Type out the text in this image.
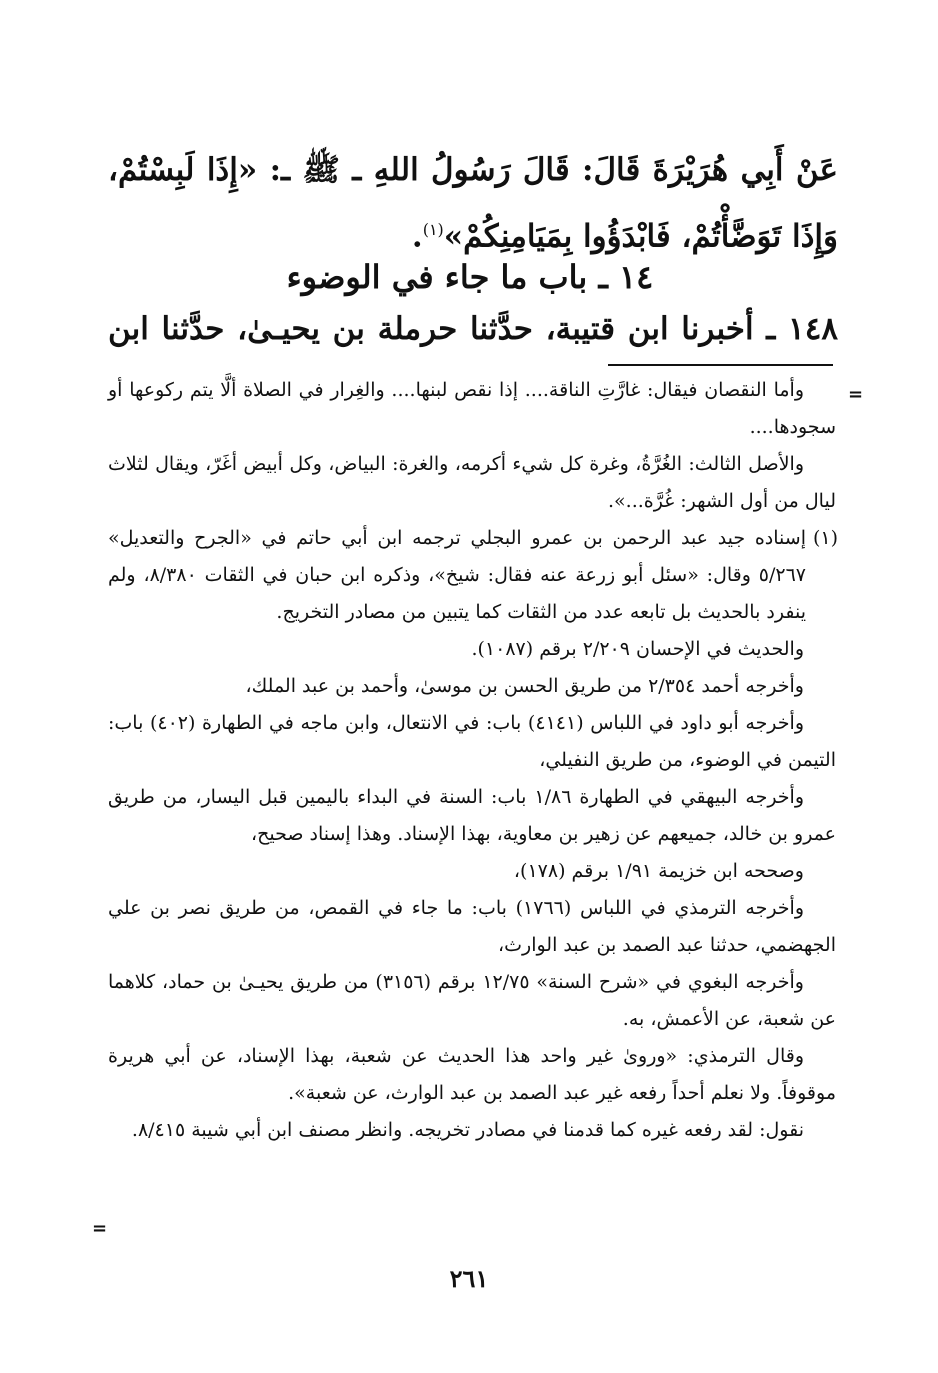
عَنْ أَبِي هُرَيْرَةَ قَالَ: قَالَ رَسُولُ اللهِ ـ ﷺ ـ: «إِذَا لَبِسْتُمْ، وَإِذَا تَوَضَّأْتُمْ، فَابْدَؤُوا بِمَيَامِنِكُمْ»$^{(١)}$.
١٤ ـ باب ما جاء في الوضوء
١٤٨ ـ أخبرنا ابن قتيبة، حدَّثنا حرملة بن يحيـىٰ، حدَّثنا ابن
=

وأما النقصان فيقال: غارَّتِ الناقة.... إذا نقص لبنها.... والغِرار في الصلاة ألَّا يتم ركوعها أو سجودها....

والأصل الثالث: الغُرَّةُ، وغرة كل شيء أكرمه، والغرة: البياض، وكل أبيض أغَرّ، ويقال لثلاث ليال من أول الشهر: غُرَّة...».

(١)
إسناده جيد عبد الرحمن بن عمرو البجلي ترجمه ابن أبي حاتم في «الجرح والتعديل» ٥/٢٦٧ وقال: «سئل أبو زرعة عنه فقال: شيخ»، وذكره ابن حبان في الثقات ٨/٣٨٠، ولم ينفرد بالحديث بل تابعه عدد من الثقات كما يتبين من مصادر التخريج.

والحديث في الإحسان ٢/٢٠٩ برقم (١٠٨٧).

وأخرجه أحمد ٢/٣٥٤ من طريق الحسن بن موسىٰ، وأحمد بن عبد الملك،

وأخرجه أبو داود في اللباس (٤١٤١) باب: في الانتعال، وابن ماجه في الطهارة (٤٠٢) باب: التيمن في الوضوء، من طريق النفيلي،

وأخرجه البيهقي في الطهارة ١/٨٦ باب: السنة في البداء باليمين قبل اليسار، من طريق عمرو بن خالد، جميعهم عن زهير بن معاوية، بهذا الإسناد. وهذا إسناد صحيح،

وصححه ابن خزيمة ١/٩١ برقم (١٧٨)،

وأخرجه الترمذي في اللباس (١٧٦٦) باب: ما جاء في القمص، من طريق نصر بن علي الجهضمي، حدثنا عبد الصمد بن عبد الوارث،

وأخرجه البغوي في «شرح السنة» ١٢/٧٥ برقم (٣١٥٦) من طريق يحيـىٰ بن حماد، كلاهما عن شعبة، عن الأعمش، به.

وقال الترمذي: «وروىٰ غير واحد هذا الحديث عن شعبة، بهذا الإسناد، عن أبي هريرة موقوفاً. ولا نعلم أحداً رفعه غير عبد الصمد بن عبد الوارث، عن شعبة».

نقول: لقد رفعه غيره كما قدمنا في مصادر تخريجه. وانظر مصنف ابن أبي شيبة ٨/٤١٥.

=
٢٦١
